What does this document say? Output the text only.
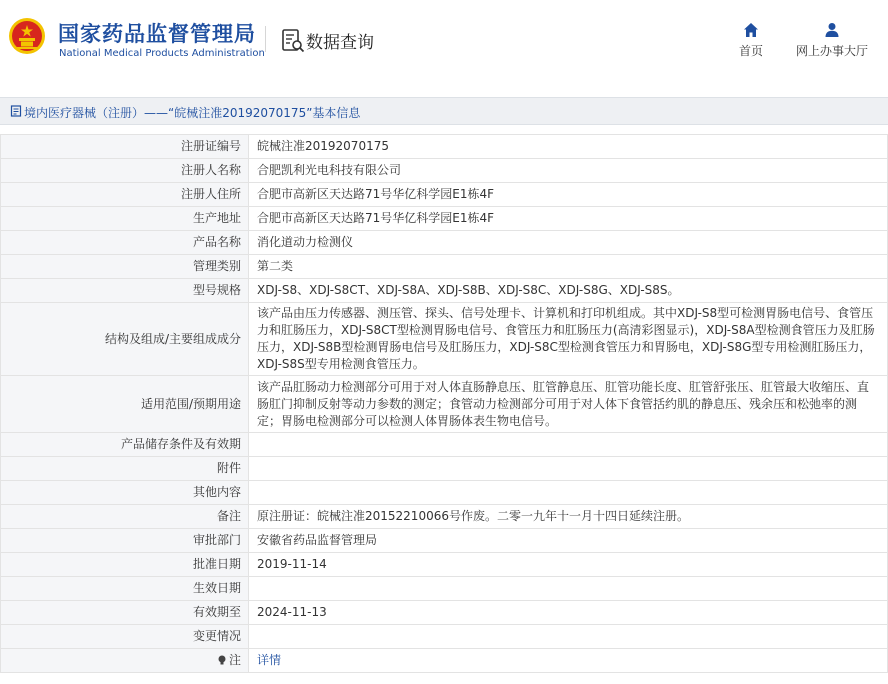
国家药品监督管理局
National Medical Products Administration
数据查询	首页	网上办事大厅
境内医疗器械（注册）——“皖械注准20192070175”基本信息
注册证编号	皖械注准20192070175
注册人名称	合肥凯利光电科技有限公司
注册人住所	合肥市高新区天达路71号华亿科学园E1栋4F
生产地址	合肥市高新区天达路71号华亿科学园E1栋4F
产品名称	消化道动力检测仪
管理类别	第二类
型号规格	XDJ-S8、XDJ-S8CT、XDJ-S8A、XDJ-S8B、XDJ-S8C、XDJ-S8G、XDJ-S8S。
结构及组成/主要组成成分	该产品由压力传感器、测压管、探头、信号处理卡、计算机和打印机组成。其中XDJ-S8型可检测胃肠电信号、食管压力和肛肠压力，XDJ-S8CT型检测胃肠电信号、食管压力和肛肠压力(高清彩图显示)，XDJ-S8A型检测食管压力及肛肠压力，XDJ-S8B型检测胃肠电信号及肛肠压力，XDJ-S8C型检测食管压力和胃肠电，XDJ-S8G型专用检测肛肠压力，XDJ-S8S型专用检测食管压力。
适用范围/预期用途	该产品肛肠动力检测部分可用于对人体直肠静息压、肛管静息压、肛管功能长度、肛管舒张压、肛管最大收缩压、直肠肛门抑制反射等动力参数的测定；食管动力检测部分可用于对人体下食管括约肌的静息压、残余压和松弛率的测定；胃肠电检测部分可以检测人体胃肠体表生物电信号。
产品储存条件及有效期	
附件	
其他内容	
备注	原注册证：皖械注准20152210066号作废。二零一九年十一月十四日延续注册。
审批部门	安徽省药品监督管理局
批准日期	2019-11-14
生效日期	
有效期至	2024-11-13
变更情况	
注	详情
